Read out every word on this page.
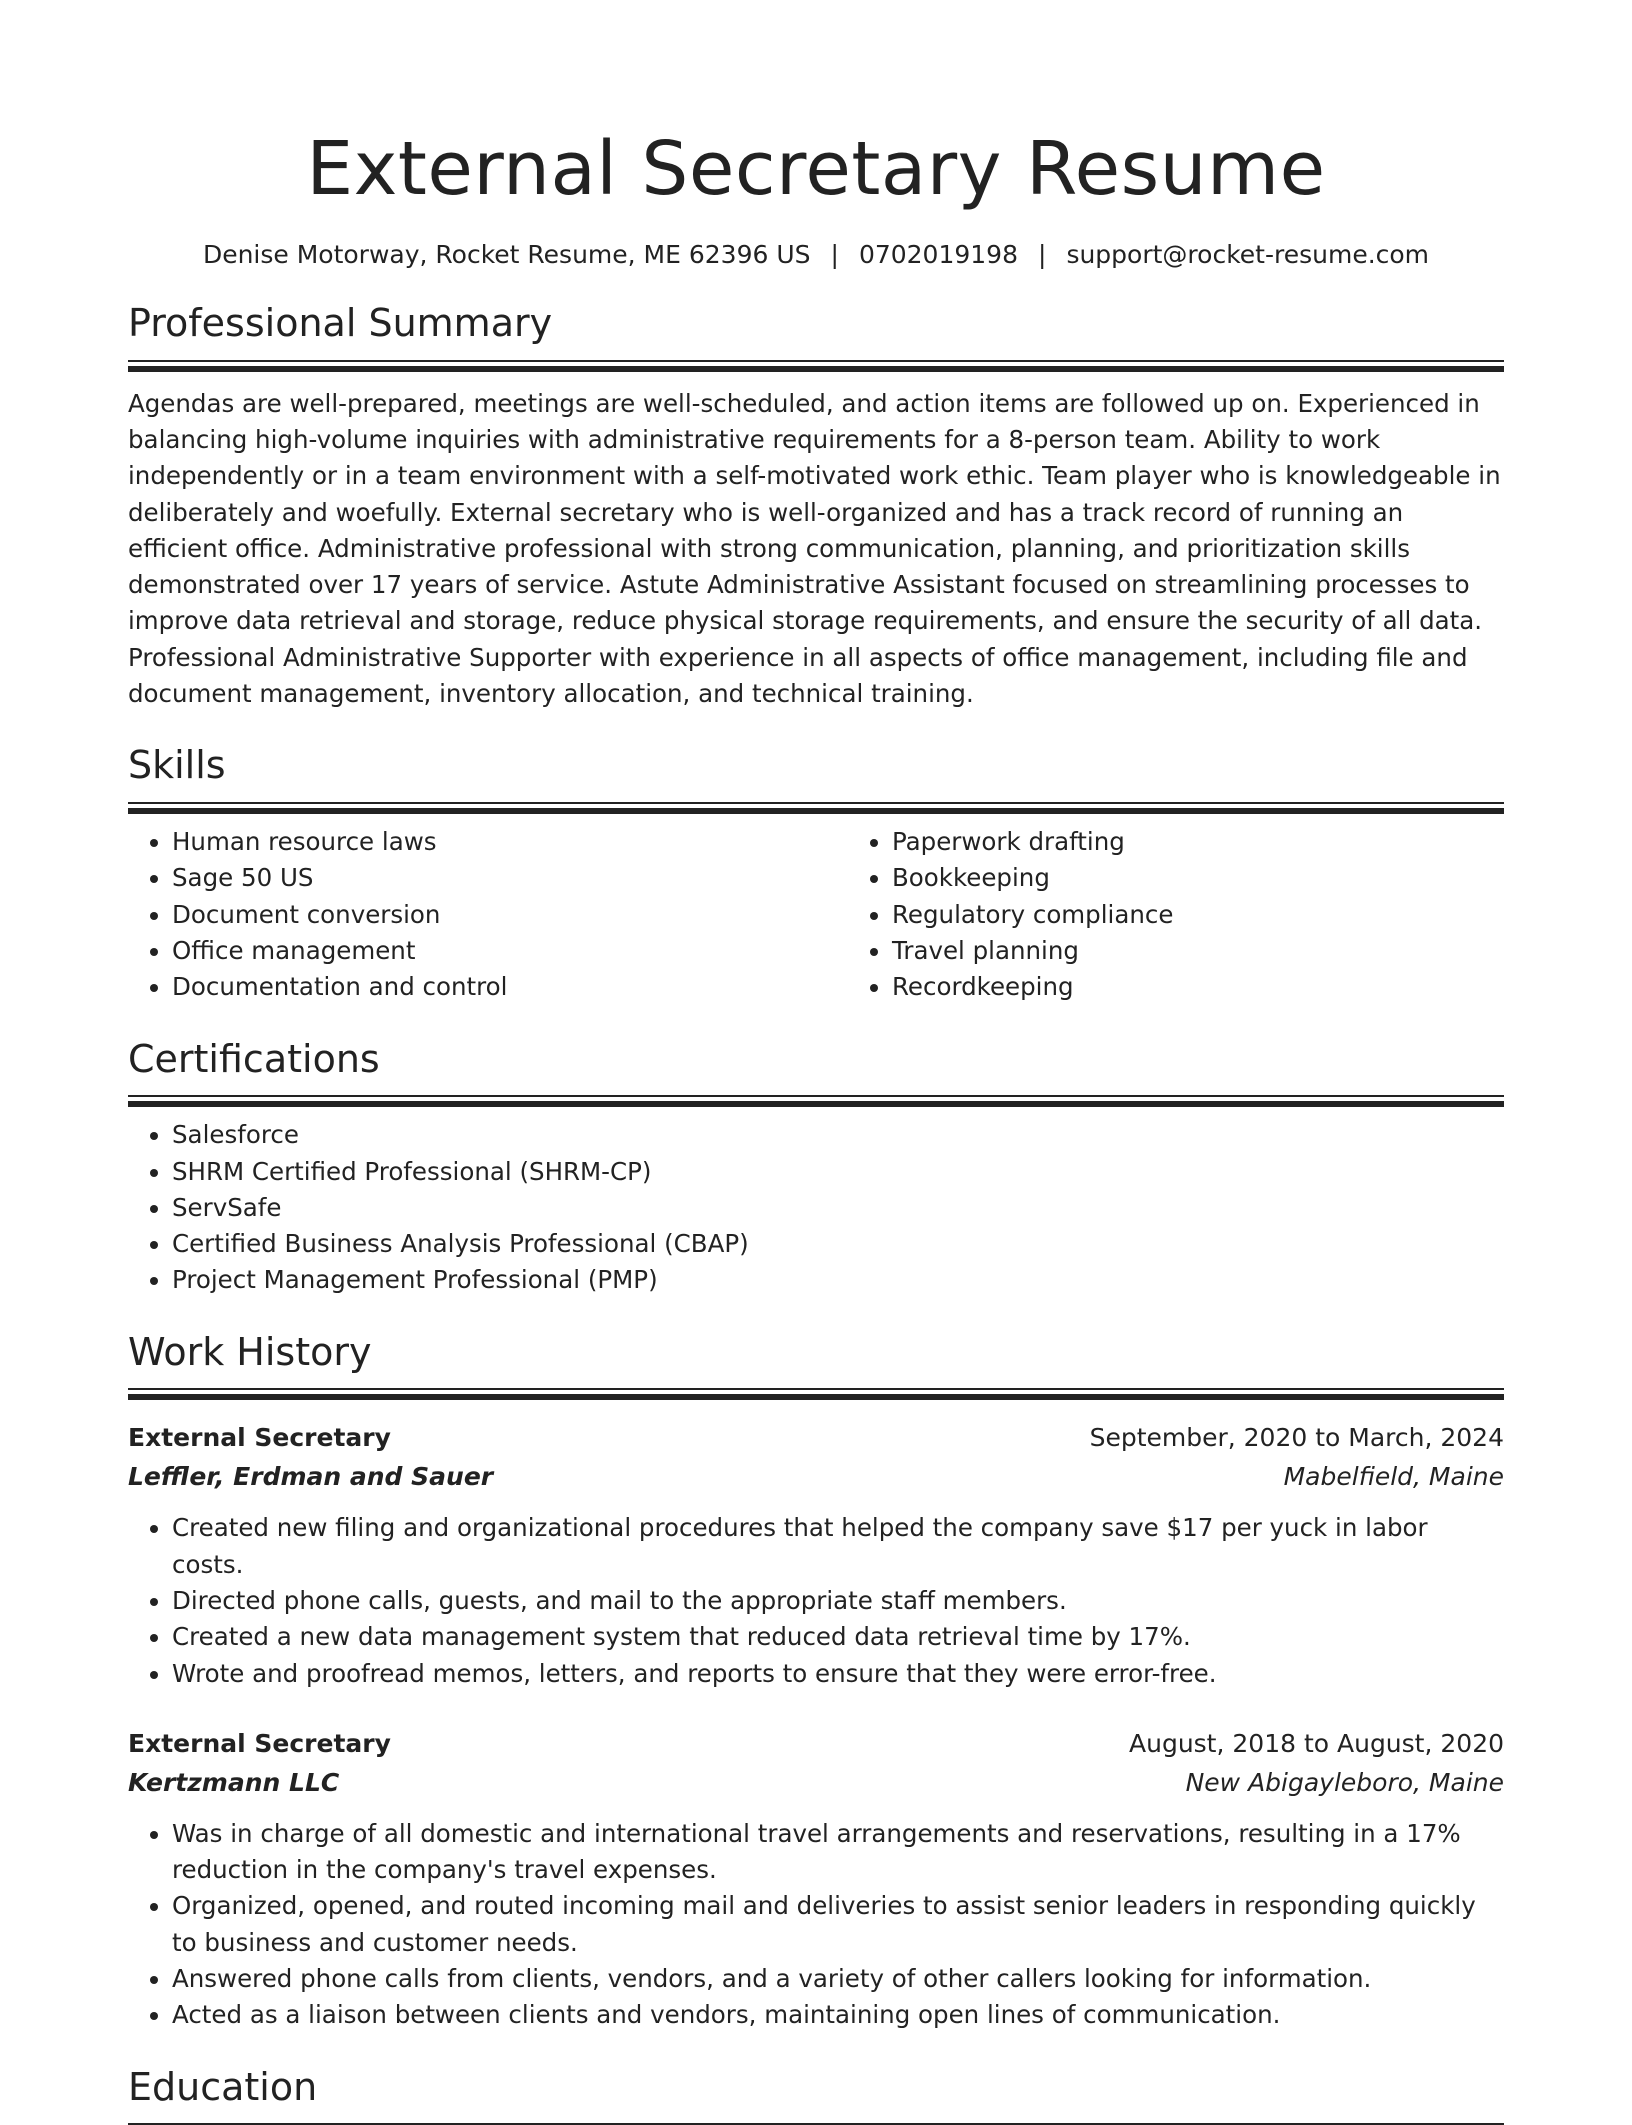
External Secretary Resume
Denise Motorway, Rocket Resume, ME 62396 US | 0702019198 | support@rocket-resume.com
Professional Summary
Agendas are well-prepared, meetings are well-scheduled, and action items are followed up on. Experienced in balancing high-volume inquiries with administrative requirements for a 8-person team. Ability to work independently or in a team environment with a self-motivated work ethic. Team player who is knowledgeable in deliberately and woefully. External secretary who is well-organized and has a track record of running an efficient office. Administrative professional with strong communication, planning, and prioritization skills demonstrated over 17 years of service. Astute Administrative Assistant focused on streamlining processes to improve data retrieval and storage, reduce physical storage requirements, and ensure the security of all data. Professional Administrative Supporter with experience in all aspects of office management, including file and document management, inventory allocation, and technical training.
Skills
• Human resource laws
• Sage 50 US
• Document conversion
• Office management
• Documentation and control
• Paperwork drafting
• Bookkeeping
• Regulatory compliance
• Travel planning
• Recordkeeping
Certifications
• Salesforce
• SHRM Certified Professional (SHRM-CP)
• ServSafe
• Certified Business Analysis Professional (CBAP)
• Project Management Professional (PMP)
Work History
External Secretary	September, 2020 to March, 2024
Leffler, Erdman and Sauer	Mabelfield, Maine
• Created new filing and organizational procedures that helped the company save $17 per yuck in labor costs.
• Directed phone calls, guests, and mail to the appropriate staff members.
• Created a new data management system that reduced data retrieval time by 17%.
• Wrote and proofread memos, letters, and reports to ensure that they were error-free.
External Secretary	August, 2018 to August, 2020
Kertzmann LLC	New Abigayleboro, Maine
• Was in charge of all domestic and international travel arrangements and reservations, resulting in a 17% reduction in the company's travel expenses.
• Organized, opened, and routed incoming mail and deliveries to assist senior leaders in responding quickly to business and customer needs.
• Answered phone calls from clients, vendors, and a variety of other callers looking for information.
• Acted as a liaison between clients and vendors, maintaining open lines of communication.
Education
